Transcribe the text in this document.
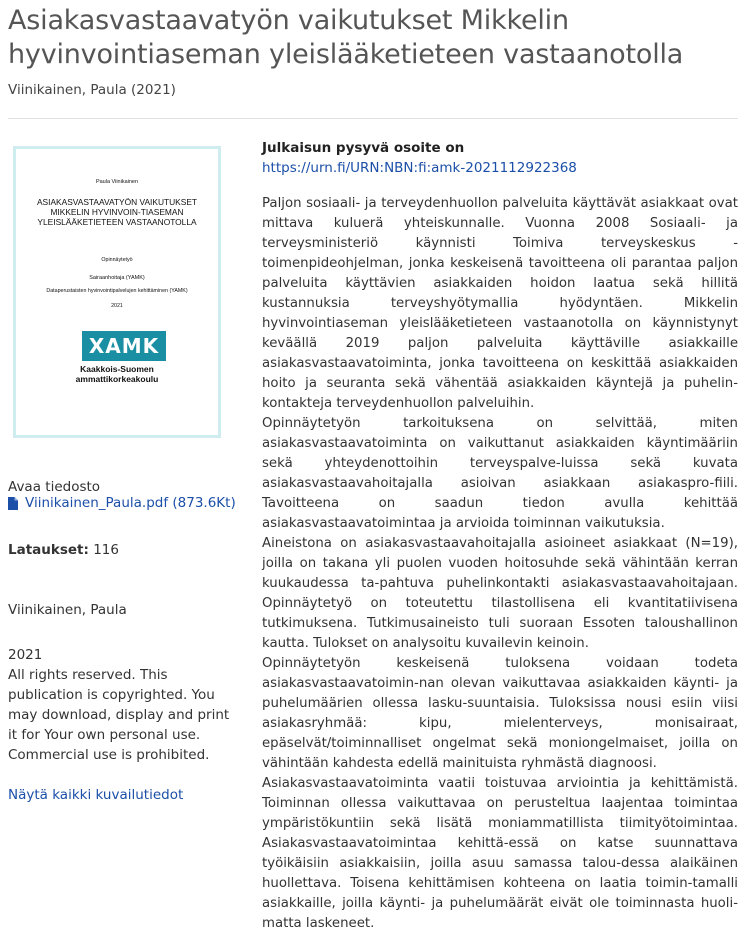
Asiakasvastaavatyön vaikutukset Mikkelin hyvinvointiaseman yleislääketieteen vastaanotolla
Viinikainen, Paula (2021)
Paula Viinikainen
ASIAKASVASTAAVATYÖN VAIKUTUKSET MIKKELIN HYVINVOIN-TIASEMAN YLEISLÄÄKETIETEEN VASTAANOTOLLA
Opinnäytetyö
Sairaanhoitaja (YAMK)
Dataperustaisten hyvinvointipalvelujen kehittäminen (YAMK)
2021
XAMK
Kaakkois-Suomen
ammattikorkeakoulu
Avaa tiedosto
Viinikainen_Paula.pdf (873.6Kt)
Lataukset: 116
Viinikainen, Paula
2021
All rights reserved. This publication is copyrighted. You may download, display and print it for Your own personal use. Commercial use is prohibited.
Näytä kaikki kuvailutiedot
Julkaisun pysyvä osoite on
https://urn.fi/URN:NBN:fi:amk-2021112922368

Paljon sosiaali- ja terveydenhuollon palveluita käyttävät asiakkaat ovat mittava kuluerä yhteiskunnalle. Vuonna 2008 Sosiaali- ja terveysministeriö käynnisti Toimiva terveyskeskus -toimenpideohjelman, jonka keskeisenä tavoitteena oli parantaa paljon palveluita käyttävien asiakkaiden hoidon laatua sekä hillitä kustannuksia terveyshyötymallia hyödyntäen. Mikkelin hyvinvointiaseman yleislääketieteen vastaanotolla on käynnistynyt keväällä 2019 paljon palveluita käyttäville asiakkaille asiakasvastaavatoiminta, jonka tavoitteena on keskittää asiakkaiden hoito ja seuranta sekä vähentää asiakkaiden käyntejä ja puhelin-kontakteja terveydenhuollon palveluihin.

Opinnäytetyön tarkoituksena on selvittää, miten asiakasvastaavatoiminta on vaikuttanut asiakkaiden käyntimääriin sekä yhteydenottoihin terveyspalve-luissa sekä kuvata asiakasvastaavahoitajalla asioivan asiakkaan asiakaspro-fiili. Tavoitteena on saadun tiedon avulla kehittää asiakasvastaavatoimintaa ja arvioida toiminnan vaikutuksia.

Aineistona on asiakasvastaavahoitajalla asioineet asiakkaat (N=19), joilla on takana yli puolen vuoden hoitosuhde sekä vähintään kerran kuukaudessa ta-pahtuva puhelinkontakti asiakasvastaavahoitajaan. Opinnäytetyö on toteutettu tilastollisena eli kvantitatiivisena tutkimuksena. Tutkimusaineisto tuli suoraan Essoten taloushallinon kautta. Tulokset on analysoitu kuvailevin keinoin.

Opinnäytetyön keskeisenä tuloksena voidaan todeta asiakasvastaavatoimin-nan olevan vaikuttavaa asiakkaiden käynti- ja puhelumäärien ollessa lasku-suuntaisia. Tuloksissa nousi esiin viisi asiakasryhmää: kipu, mielenterveys, monisairaat, epäselvät/toiminnalliset ongelmat sekä moniongelmaiset, joilla on vähintään kahdesta edellä mainituista ryhmästä diagnoosi.

Asiakasvastaavatoiminta vaatii toistuvaa arviointia ja kehittämistä. Toiminnan ollessa vaikuttavaa on perusteltua laajentaa toimintaa ympäristökuntiin sekä lisätä moniammatillista tiimityötoimintaa. Asiakasvastaavatoimintaa kehittä-essä on katse suunnattava työikäisiin asiakkaisiin, joilla asuu samassa talou-dessa alaikäinen huollettava. Toisena kehittämisen kohteena on laatia toimin-tamalli asiakkaille, joilla käynti- ja puhelumäärät eivät ole toiminnasta huoli-matta laskeneet.
